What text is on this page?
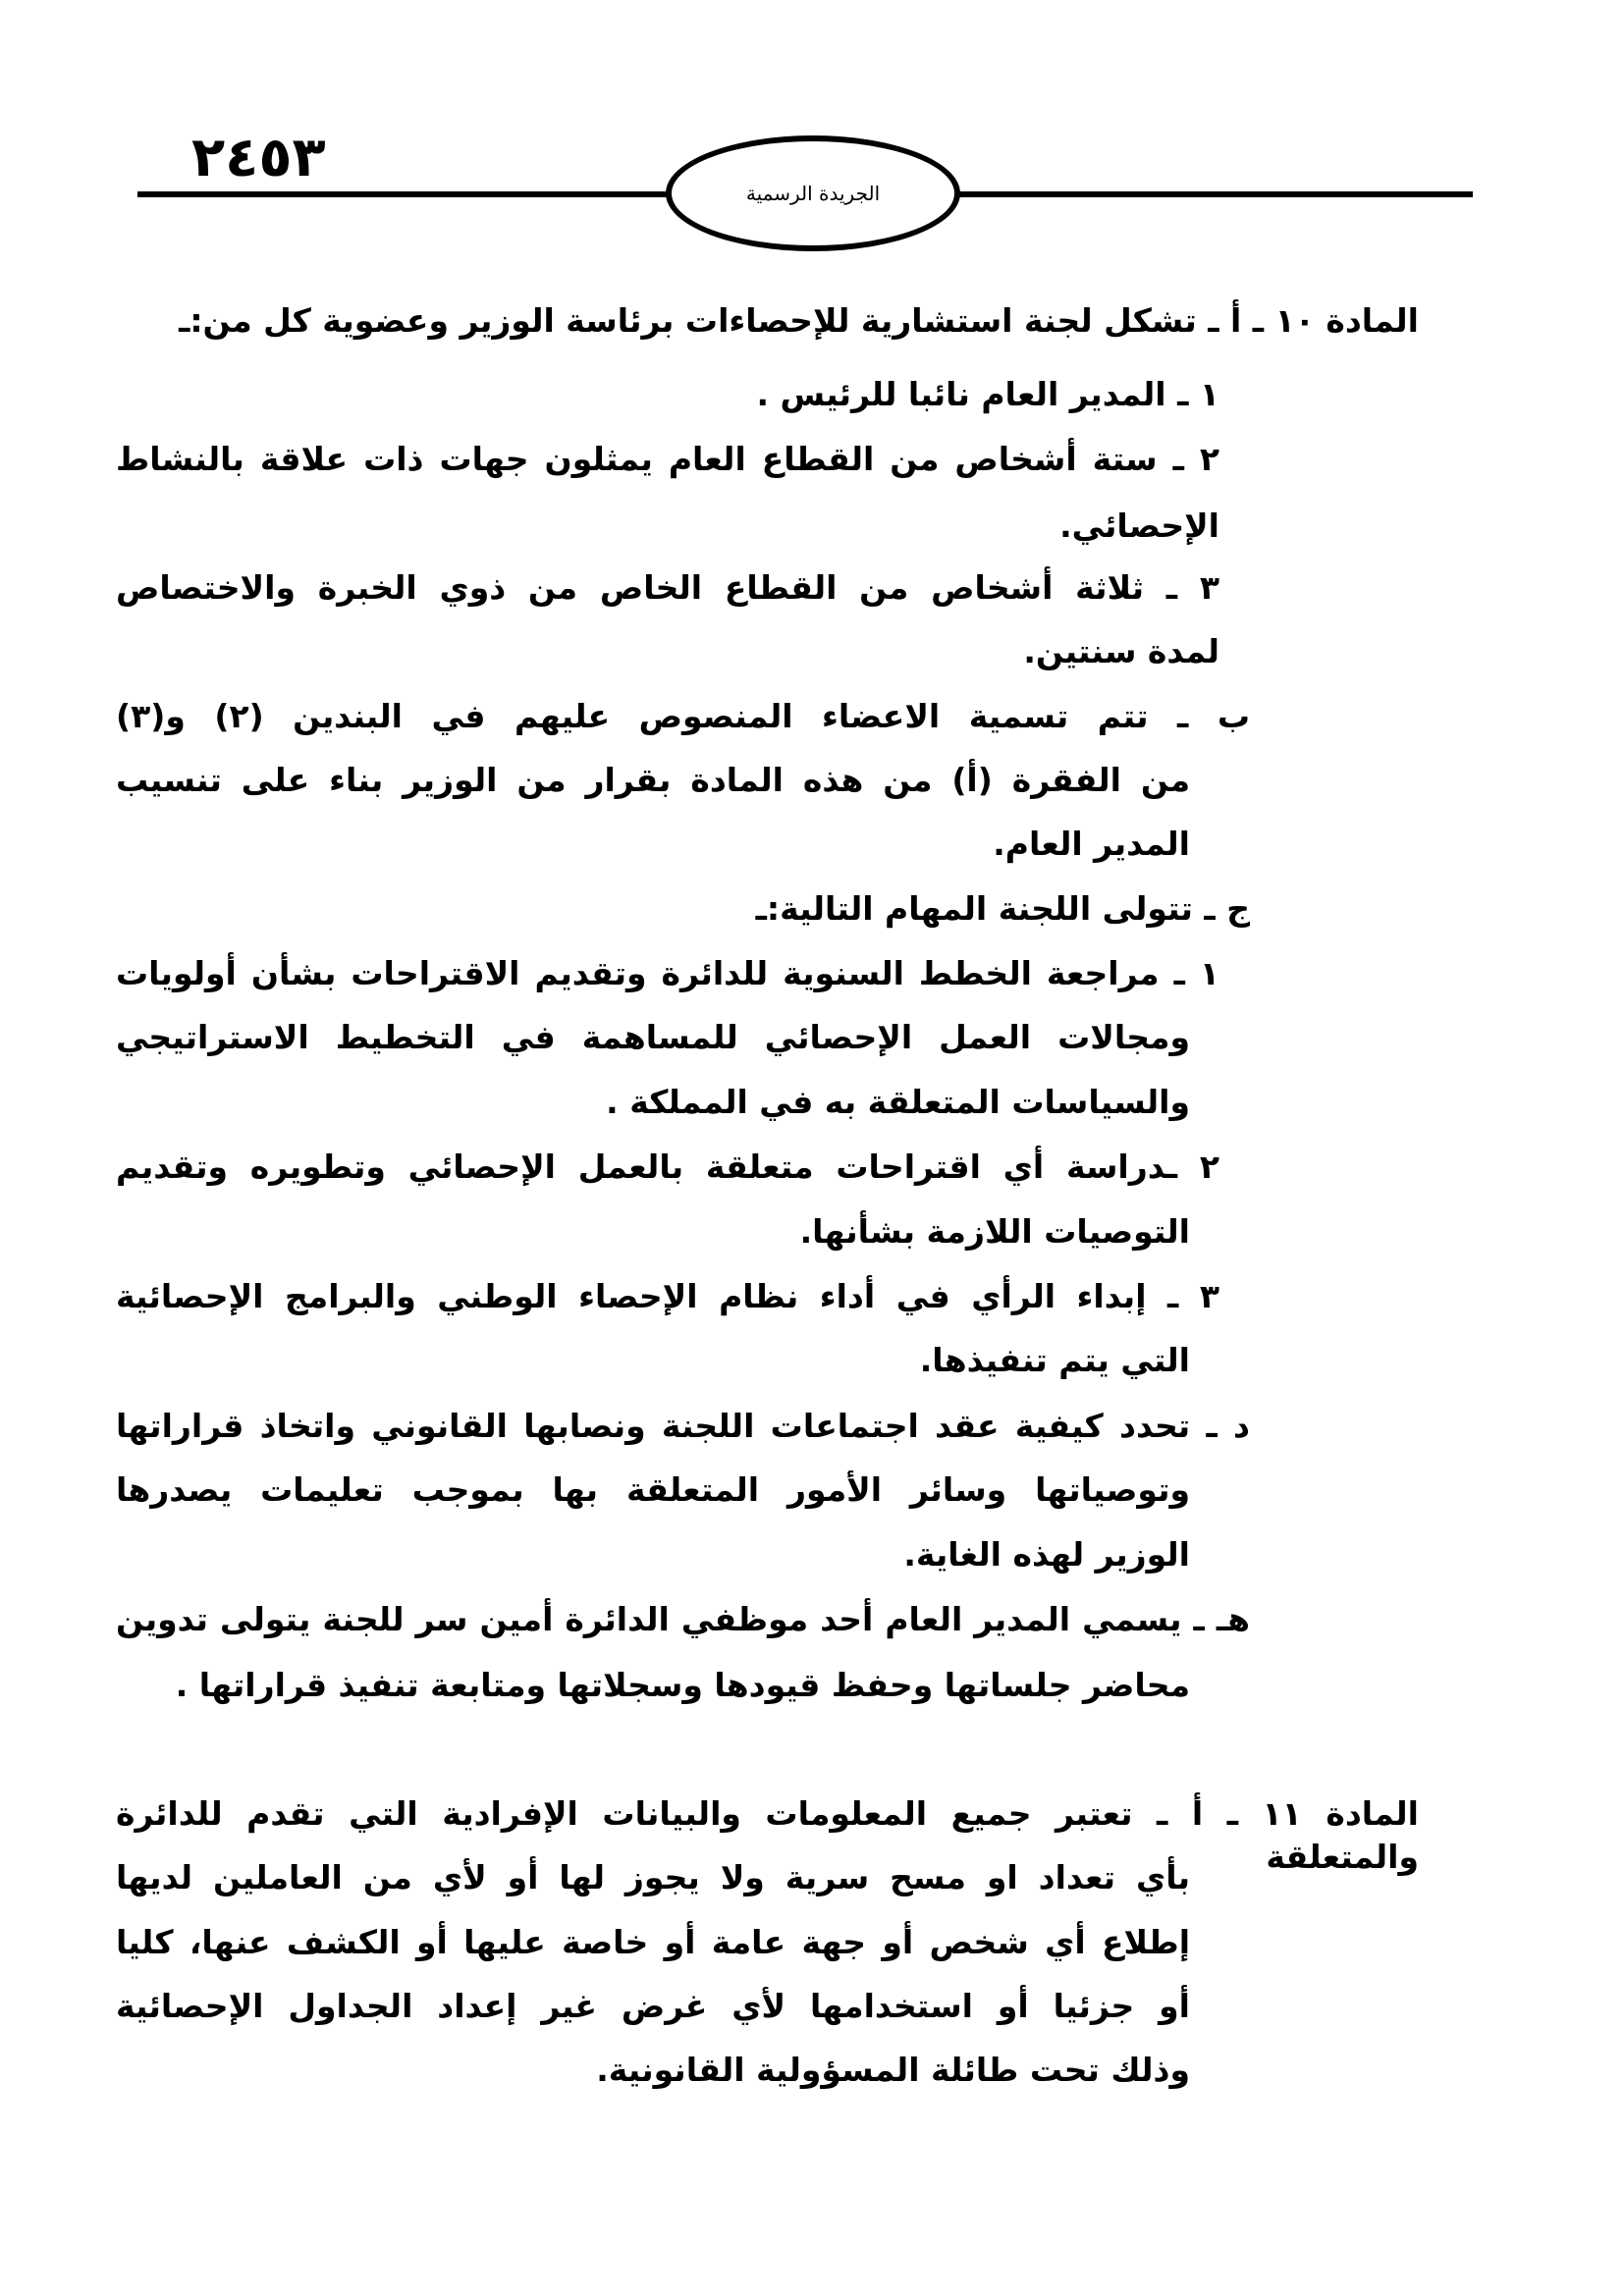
الجريدة الرسمية
٢٤٥٣
المادة ١٠ ـ أ ـ تشكل لجنة استشارية للإحصاءات برئاسة الوزير وعضوية كل من:ـ
١ ـ المدير العام نائبا للرئيس .
٢ ـ ستة أشخاص من القطاع العام يمثلون جهات ذات علاقة بالنشاط
الإحصائي.
٣ ـ ثلاثة أشخاص من القطاع الخاص من ذوي الخبرة والاختصاص
لمدة سنتين.
ب ـ تتم تسمية الاعضاء المنصوص عليهم في البندين (٢) و(٣)
من الفقرة (أ) من هذه المادة بقرار من الوزير بناء على تنسيب
المدير العام.
ج ـ تتولى اللجنة المهام التالية:ـ
١ ـ مراجعة الخطط السنوية للدائرة وتقديم الاقتراحات بشأن أولويات
ومجالات العمل الإحصائي للمساهمة في التخطيط الاستراتيجي
والسياسات المتعلقة به في المملكة .
٢ ـدراسة أي اقتراحات متعلقة بالعمل الإحصائي وتطويره وتقديم
التوصيات اللازمة بشأنها.
٣ ـ إبداء الرأي في أداء نظام الإحصاء الوطني والبرامج الإحصائية
التي يتم تنفيذها.
د ـ تحدد كيفية عقد اجتماعات اللجنة ونصابها القانوني واتخاذ قراراتها
وتوصياتها وسائر الأمور المتعلقة بها بموجب تعليمات يصدرها
الوزير لهذه الغاية.
هـ ـ يسمي المدير العام أحد موظفي الدائرة أمين سر للجنة يتولى تدوين
محاضر جلساتها وحفظ قيودها وسجلاتها ومتابعة تنفيذ قراراتها .
المادة ١١ ـ أ ـ تعتبر جميع المعلومات والبيانات الإفرادية التي تقدم للدائرة والمتعلقة
بأي تعداد او مسح سرية ولا يجوز لها أو لأي من العاملين لديها
إطلاع أي شخص أو جهة عامة أو خاصة عليها أو الكشف عنها، كليا
أو جزئيا أو استخدامها لأي غرض غير إعداد الجداول الإحصائية
وذلك تحت طائلة المسؤولية القانونية.
